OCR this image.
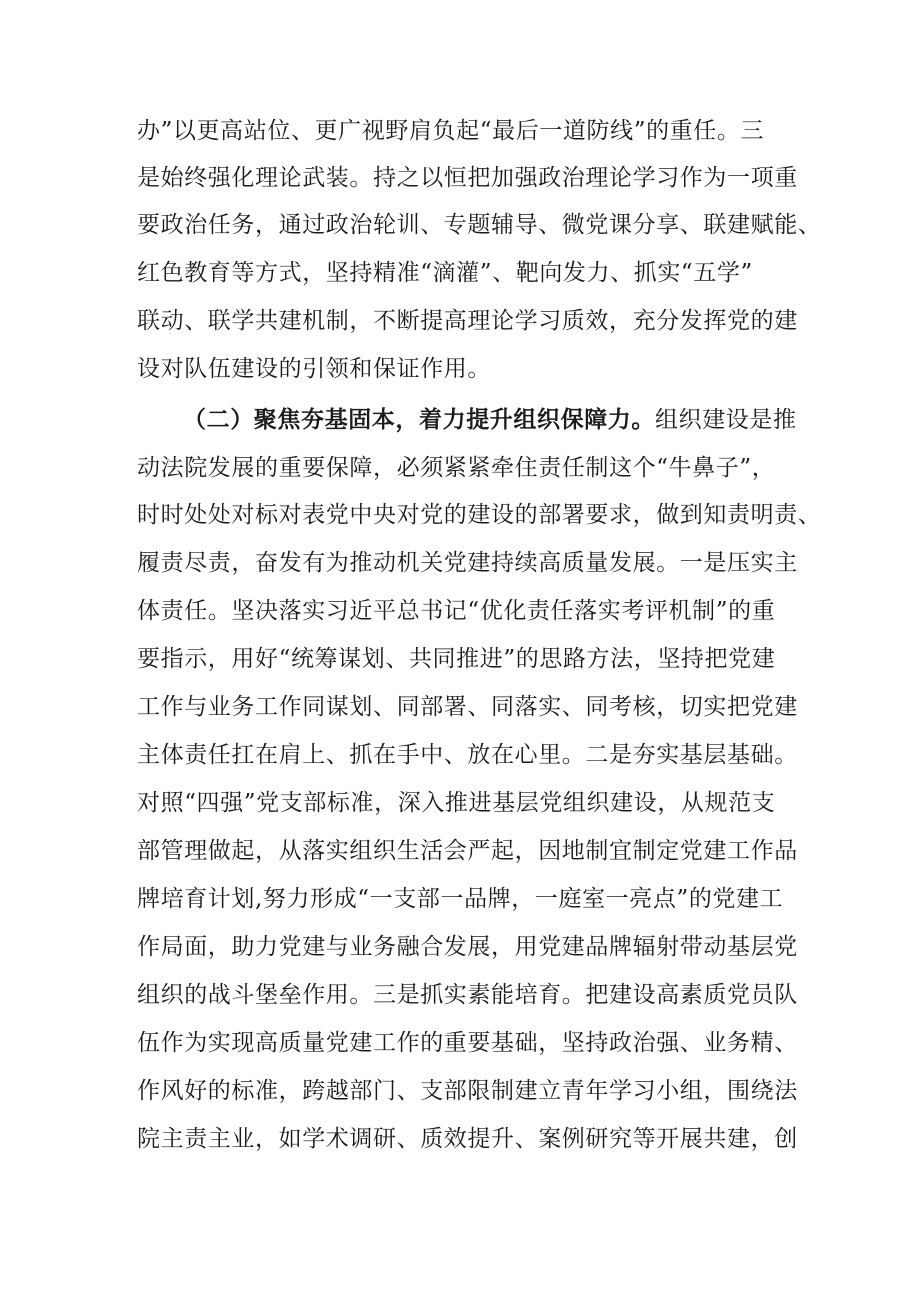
办”以更高站位、更广视野肩负起“最后一道防线”的重任。三
是始终强化理论武装。持之以恒把加强政治理论学习作为一项重
要政治任务，通过政治轮训、专题辅导、微党课分享、联建赋能、
红色教育等方式，坚持精准“滴灌”、靶向发力、抓实“五学”
联动、联学共建机制，不断提高理论学习质效，充分发挥党的建
设对队伍建设的引领和保证作用。
（二）聚焦夯基固本，着力提升组织保障力。组织建设是推
动法院发展的重要保障，必须紧紧牵住责任制这个“牛鼻子”，
时时处处对标对表党中央对党的建设的部署要求，做到知责明责、
履责尽责，奋发有为推动机关党建持续高质量发展。一是压实主
体责任。坚决落实习近平总书记“优化责任落实考评机制”的重
要指示，用好“统筹谋划、共同推进”的思路方法，坚持把党建
工作与业务工作同谋划、同部署、同落实、同考核，切实把党建
主体责任扛在肩上、抓在手中、放在心里。二是夯实基层基础。
对照“四强”党支部标准，深入推进基层党组织建设，从规范支
部管理做起，从落实组织生活会严起，因地制宜制定党建工作品
牌培育计划,努力形成“一支部一品牌，一庭室一亮点”的党建工
作局面，助力党建与业务融合发展，用党建品牌辐射带动基层党
组织的战斗堡垒作用。三是抓实素能培育。把建设高素质党员队
伍作为实现高质量党建工作的重要基础，坚持政治强、业务精、
作风好的标准，跨越部门、支部限制建立青年学习小组，围绕法
院主责主业，如学术调研、质效提升、案例研究等开展共建，创
